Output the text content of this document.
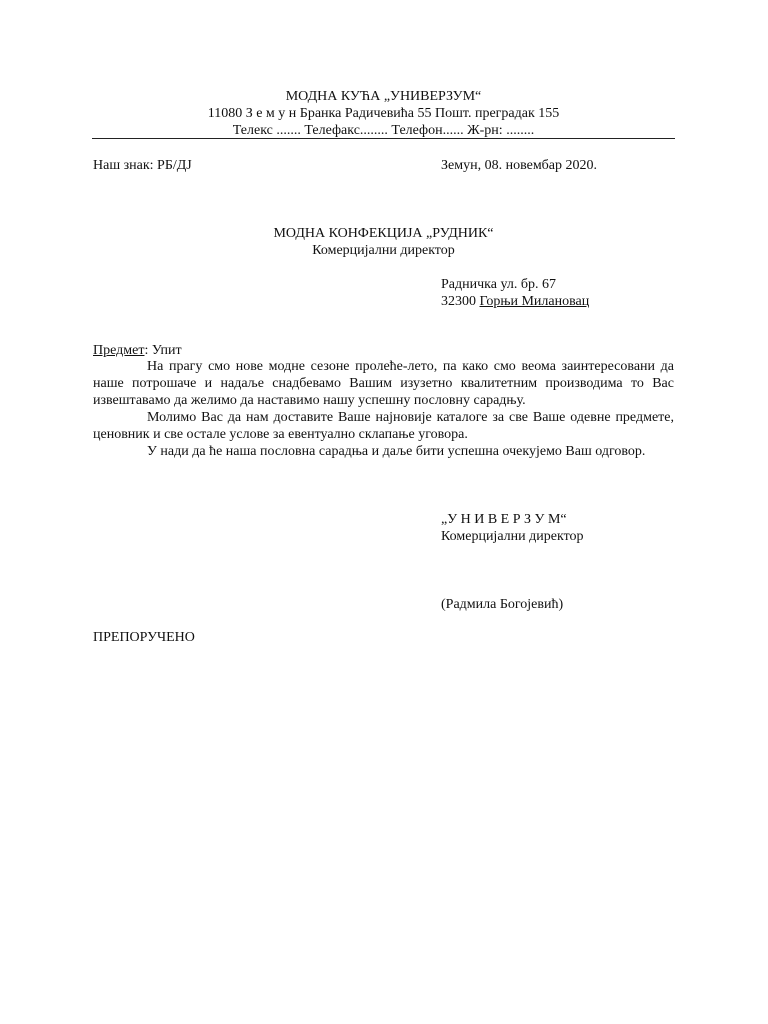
МОДНА КУЋА „УНИВЕРЗУМ“
11080 З е м у н Бранка Радичевића 55 Пошт. прeградак 155
Телекс ....... Телефакс........ Телефон...... Ж-рн: ........
Наш знак: РБ/ДЈ	Земун, 08. новембар 2020.
МОДНА КОНФЕКЦИЈА „РУДНИК“
Комерцијални директор
Радничка ул. бр. 67
32300 Горњи Милановац
Предмет: Упит

На прагу смо нове модне сезоне пролеће-лето, па како смо веома заинтересовани да наше потрошаче и надаље снадбевамо Вашим изузетно квалитетним производима то Вас извештавамо да желимо да наставимо нашу успешну пословну сарадњу.

Молимо Вас да нам доставите Ваше најновије каталоге за све Ваше одевне предмете, ценовник и све остале услове за евентуално склапање уговора.

У нади да ће наша пословна сарадња и даље бити успешна очекујемо Ваш одговор.

„У Н И В Е Р З У М“
Комерцијални директор
(Радмила Богојевић)
ПРЕПОРУЧЕНО
